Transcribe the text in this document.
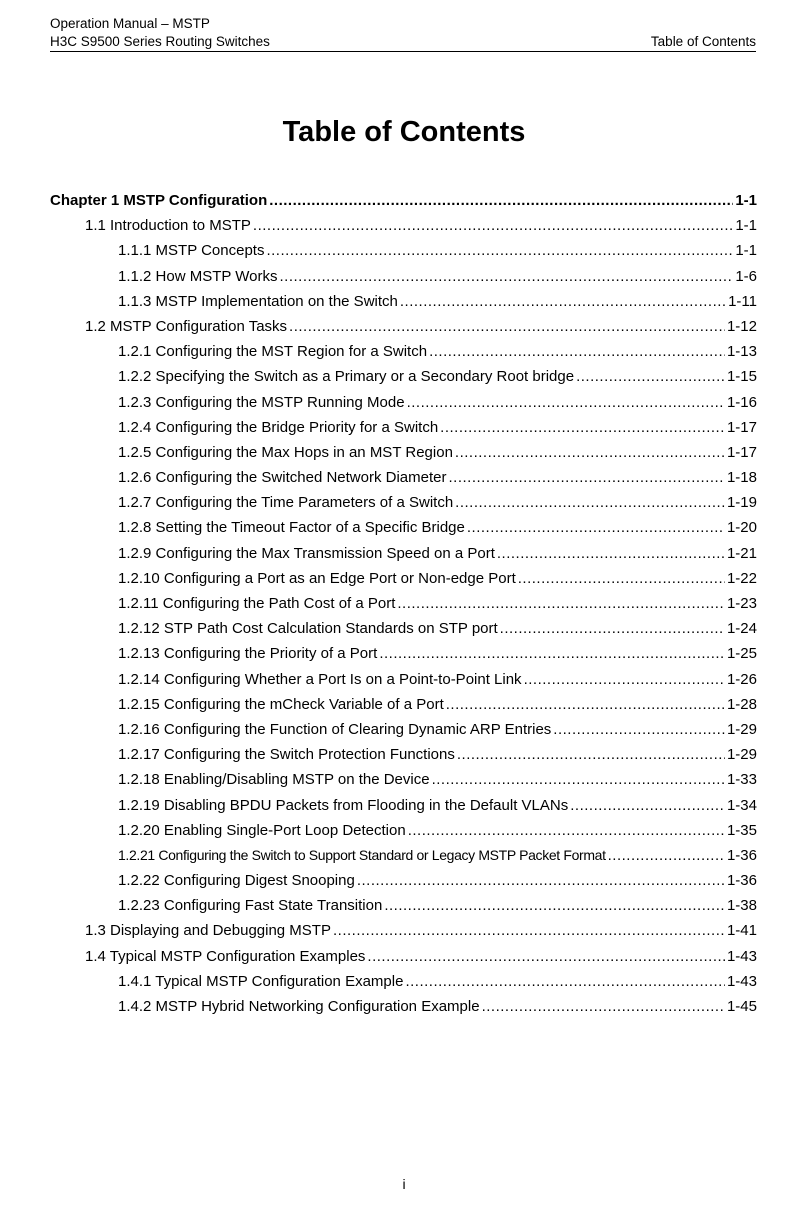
Operation Manual – MSTP
H3C S9500 Series Routing Switches	Table of Contents
Table of Contents
Chapter 1 MSTP Configuration .....	1-1
1.1 Introduction to MSTP .....	1-1
1.1.1 MSTP Concepts .....	1-1
1.1.2 How MSTP Works .....	1-6
1.1.3 MSTP Implementation on the Switch .....	1-11
1.2 MSTP Configuration Tasks .....	1-12
1.2.1 Configuring the MST Region for a Switch .....	1-13
1.2.2 Specifying the Switch as a Primary or a Secondary Root bridge .....	1-15
1.2.3 Configuring the MSTP Running Mode .....	1-16
1.2.4 Configuring the Bridge Priority for a Switch .....	1-17
1.2.5 Configuring the Max Hops in an MST Region .....	1-17
1.2.6 Configuring the Switched Network Diameter .....	1-18
1.2.7 Configuring the Time Parameters of a Switch .....	1-19
1.2.8 Setting the Timeout Factor of a Specific Bridge .....	1-20
1.2.9 Configuring the Max Transmission Speed on a Port .....	1-21
1.2.10 Configuring a Port as an Edge Port or Non-edge Port .....	1-22
1.2.11 Configuring the Path Cost of a Port .....	1-23
1.2.12 STP Path Cost Calculation Standards on STP port .....	1-24
1.2.13 Configuring the Priority of a Port .....	1-25
1.2.14 Configuring Whether a Port Is on a Point-to-Point Link .....	1-26
1.2.15 Configuring the mCheck Variable of a Port .....	1-28
1.2.16 Configuring the Function of Clearing Dynamic ARP Entries .....	1-29
1.2.17 Configuring the Switch Protection Functions .....	1-29
1.2.18 Enabling/Disabling MSTP on the Device .....	1-33
1.2.19 Disabling BPDU Packets from Flooding in the Default VLANs .....	1-34
1.2.20 Enabling Single-Port Loop Detection .....	1-35
1.2.21 Configuring the Switch to Support Standard or Legacy MSTP Packet Format .....	1-36
1.2.22 Configuring Digest Snooping .....	1-36
1.2.23 Configuring Fast State Transition .....	1-38
1.3 Displaying and Debugging MSTP .....	1-41
1.4 Typical MSTP Configuration Examples .....	1-43
1.4.1 Typical MSTP Configuration Example .....	1-43
1.4.2 MSTP Hybrid Networking Configuration Example .....	1-45
i
